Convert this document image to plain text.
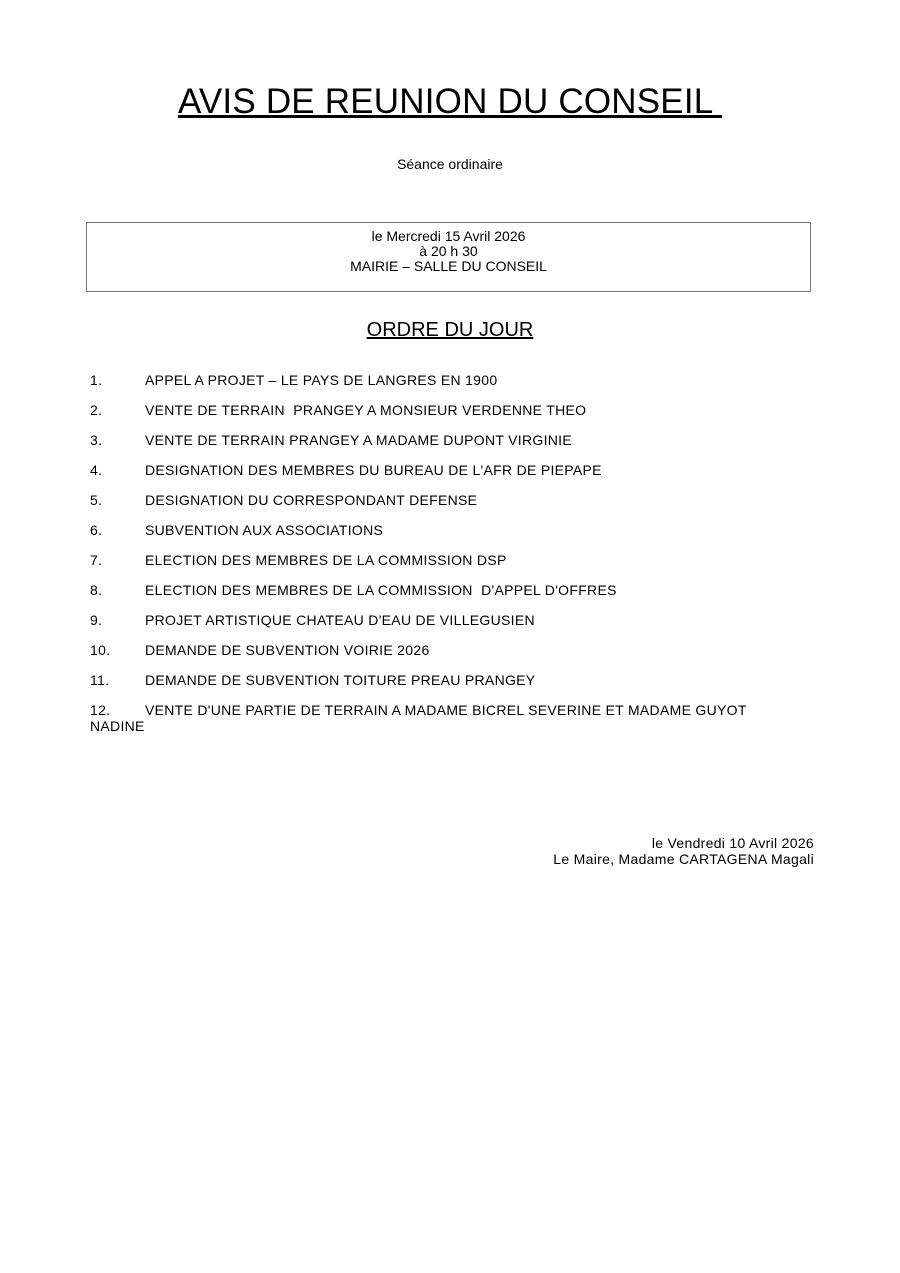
AVIS DE REUNION DU CONSEIL
Séance ordinaire
le Mercredi 15 Avril 2026
à 20 h 30
MAIRIE – SALLE DU CONSEIL
ORDRE DU JOUR
1.	APPEL A PROJET – LE PAYS DE LANGRES EN 1900
2.	VENTE DE TERRAIN  PRANGEY A MONSIEUR VERDENNE THEO
3.	VENTE DE TERRAIN PRANGEY A MADAME DUPONT VIRGINIE
4.	DESIGNATION DES MEMBRES DU BUREAU DE L'AFR DE PIEPAPE
5.	DESIGNATION DU CORRESPONDANT DEFENSE
6.	SUBVENTION AUX ASSOCIATIONS
7.	ELECTION DES MEMBRES DE LA COMMISSION DSP
8.	ELECTION DES MEMBRES DE LA COMMISSION  D'APPEL D'OFFRES
9.	PROJET ARTISTIQUE CHATEAU D'EAU DE VILLEGUSIEN
10. DEMANDE DE SUBVENTION VOIRIE 2026
11.	DEMANDE DE SUBVENTION TOITURE PREAU PRANGEY
12.	VENTE D'UNE PARTIE DE TERRAIN A MADAME BICREL SEVERINE ET MADAME GUYOT NADINE
le Vendredi 10 Avril 2026
Le Maire, Madame CARTAGENA Magali
